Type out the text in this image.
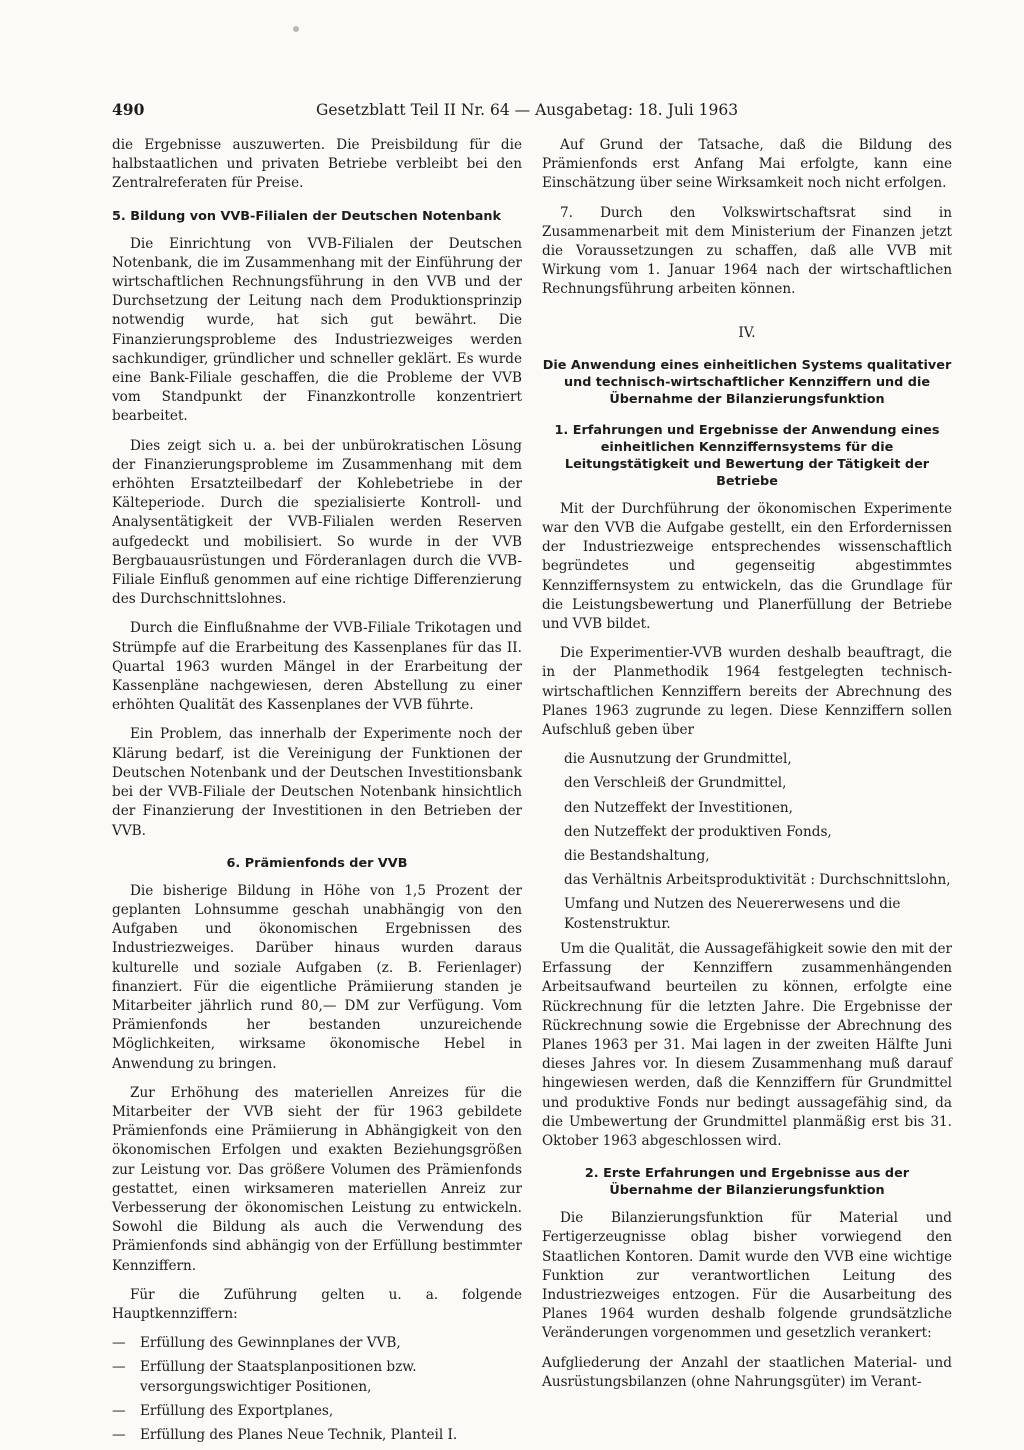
490	Gesetzblatt Teil II Nr. 64 — Ausgabetag: 18. Juli 1963

die Ergebnisse auszuwerten. Die Preisbildung für die halbstaatlichen und privaten Betriebe verbleibt bei den Zentralreferaten für Preise.

5. Bildung von VVB-Filialen der Deutschen Notenbank

Die Einrichtung von VVB-Filialen der Deutschen Notenbank, die im Zusammenhang mit der Einführung der wirtschaftlichen Rechnungsführung in den VVB und der Durchsetzung der Leitung nach dem Produktionsprinzip notwendig wurde, hat sich gut bewährt. Die Finanzierungsprobleme des Industriezweiges werden sachkundiger, gründlicher und schneller geklärt. Es wurde eine Bank-Filiale geschaffen, die die Probleme der VVB vom Standpunkt der Finanzkontrolle konzentriert bearbeitet.

Dies zeigt sich u. a. bei der unbürokratischen Lösung der Finanzierungsprobleme im Zusammenhang mit dem erhöhten Ersatzteilbedarf der Kohlebetriebe in der Kälteperiode. Durch die spezialisierte Kontroll- und Analysentätigkeit der VVB-Filialen werden Reserven aufgedeckt und mobilisiert. So wurde in der VVB Bergbauausrüstungen und Förderanlagen durch die VVB-Filiale Einfluß genommen auf eine richtige Differenzierung des Durchschnittslohnes.

Durch die Einflußnahme der VVB-Filiale Trikotagen und Strümpfe auf die Erarbeitung des Kassenplanes für das II. Quartal 1963 wurden Mängel in der Erarbeitung der Kassenpläne nachgewiesen, deren Abstellung zu einer erhöhten Qualität des Kassenplanes der VVB führte.

Ein Problem, das innerhalb der Experimente noch der Klärung bedarf, ist die Vereinigung der Funktionen der Deutschen Notenbank und der Deutschen Investitionsbank bei der VVB-Filiale der Deutschen Notenbank hinsichtlich der Finanzierung der Investitionen in den Betrieben der VVB.

6. Prämienfonds der VVB

Die bisherige Bildung in Höhe von 1,5 Prozent der geplanten Lohnsumme geschah unabhängig von den Aufgaben und ökonomischen Ergebnissen des Industriezweiges. Darüber hinaus wurden daraus kulturelle und soziale Aufgaben (z. B. Ferienlager) finanziert. Für die eigentliche Prämiierung standen je Mitarbeiter jährlich rund 80,— DM zur Verfügung. Vom Prämienfonds her bestanden unzureichende Möglichkeiten, wirksame ökonomische Hebel in Anwendung zu bringen.

Zur Erhöhung des materiellen Anreizes für die Mitarbeiter der VVB sieht der für 1963 gebildete Prämienfonds eine Prämiierung in Abhängigkeit von den ökonomischen Erfolgen und exakten Beziehungsgrößen zur Leistung vor. Das größere Volumen des Prämienfonds gestattet, einen wirksameren materiellen Anreiz zur Verbesserung der ökonomischen Leistung zu entwickeln. Sowohl die Bildung als auch die Verwendung des Prämienfonds sind abhängig von der Erfüllung bestimmter Kennziffern.

Für die Zuführung gelten u. a. folgende Hauptkennziffern:

— Erfüllung des Gewinnplanes der VVB,
— Erfüllung der Staatsplanpositionen bzw. versorgungswichtiger Positionen,
— Erfüllung des Exportplanes,
— Erfüllung des Planes Neue Technik, Planteil I.

Auf Grund der Tatsache, daß die Bildung des Prämienfonds erst Anfang Mai erfolgte, kann eine Einschätzung über seine Wirksamkeit noch nicht erfolgen.

7. Durch den Volkswirtschaftsrat sind in Zusammenarbeit mit dem Ministerium der Finanzen jetzt die Voraussetzungen zu schaffen, daß alle VVB mit Wirkung vom 1. Januar 1964 nach der wirtschaftlichen Rechnungsführung arbeiten können.

IV.
Die Anwendung eines einheitlichen Systems qualitativer und technisch-wirtschaftlicher Kennziffern und die Übernahme der Bilanzierungsfunktion
1. Erfahrungen und Ergebnisse der Anwendung eines einheitlichen Kennziffernsystems für die Leitungstätigkeit und Bewertung der Tätigkeit der Betriebe

Mit der Durchführung der ökonomischen Experimente war den VVB die Aufgabe gestellt, ein den Erfordernissen der Industriezweige entsprechendes wissenschaftlich begründetes und gegenseitig abgestimmtes Kennziffernsystem zu entwickeln, das die Grundlage für die Leistungsbewertung und Planerfüllung der Betriebe und VVB bildet.

Die Experimentier-VVB wurden deshalb beauftragt, die in der Planmethodik 1964 festgelegten technisch-wirtschaftlichen Kennziffern bereits der Abrechnung des Planes 1963 zugrunde zu legen. Diese Kennziffern sollen Aufschluß geben über

die Ausnutzung der Grundmittel,
den Verschleiß der Grundmittel,
den Nutzeffekt der Investitionen,
den Nutzeffekt der produktiven Fonds,
die Bestandshaltung,
das Verhältnis Arbeitsproduktivität : Durchschnittslohn,
Umfang und Nutzen des Neuererwesens und die Kostenstruktur.

Um die Qualität, die Aussagefähigkeit sowie den mit der Erfassung der Kennziffern zusammenhängenden Arbeitsaufwand beurteilen zu können, erfolgte eine Rückrechnung für die letzten Jahre. Die Ergebnisse der Rückrechnung sowie die Ergebnisse der Abrechnung des Planes 1963 per 31. Mai lagen in der zweiten Hälfte Juni dieses Jahres vor. In diesem Zusammenhang muß darauf hingewiesen werden, daß die Kennziffern für Grundmittel und produktive Fonds nur bedingt aussagefähig sind, da die Umbewertung der Grundmittel planmäßig erst bis 31. Oktober 1963 abgeschlossen wird.

2. Erste Erfahrungen und Ergebnisse aus der Übernahme der Bilanzierungsfunktion

Die Bilanzierungsfunktion für Material und Fertigerzeugnisse oblag bisher vorwiegend den Staatlichen Kontoren. Damit wurde den VVB eine wichtige Funktion zur verantwortlichen Leitung des Industriezweiges entzogen. Für die Ausarbeitung des Planes 1964 wurden deshalb folgende grundsätzliche Veränderungen vorgenommen und gesetzlich verankert:

Aufgliederung der Anzahl der staatlichen Material- und Ausrüstungsbilanzen (ohne Nahrungsgüter) im Verant-
